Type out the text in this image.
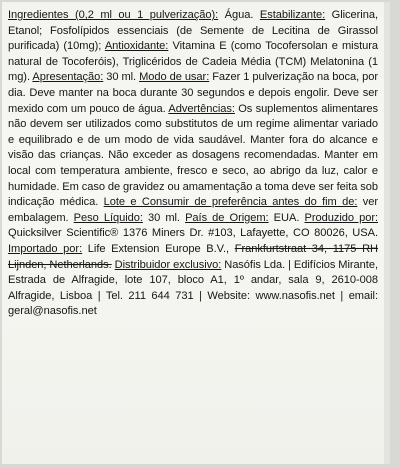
Ingredientes (0,2 ml ou 1 pulverização): Água. Estabilizante: Glicerina, Etanol; Fosfolípidos essenciais (de Semente de Lecitina de Girassol purificada) (10mg); Antioxidante: Vitamina E (como Tocofersolan e mistura natural de Tocoferóis), Triglicéridos de Cadeia Média (TCM) Melatonina (1 mg). Apresentação: 30 ml. Modo de usar: Fazer 1 pulverização na boca, por dia. Deve manter na boca durante 30 segundos e depois engolir. Deve ser mexido com um pouco de água. Advertências: Os suplementos alimentares não devem ser utilizados como substitutos de um regime alimentar variado e equilibrado e de um modo de vida saudável. Manter fora do alcance e visão das crianças. Não exceder as dosagens recomendadas. Manter em local com temperatura ambiente, fresco e seco, ao abrigo da luz, calor e humidade. Em caso de gravidez ou amamentação a toma deve ser feita sob indicação médica. Lote e Consumir de preferência antes do fim de: ver embalagem. Peso Líquido: 30 ml. País de Origem: EUA. Produzido por: Quicksilver Scientific® 1376 Miners Dr. #103, Lafayette, CO 80026, USA. Importado por: Life Extension Europe B.V., Frankfurtstraat 34, 1175 RH Lijnden, Netherlands. Distribuidor exclusivo: Nasófis Lda. | Edifícios Mirante, Estrada de Alfragide, lote 107, bloco A1, 1º andar, sala 9, 2610-008 Alfragide, Lisboa | Tel. 211 644 731 | Website: www.nasofis.net | email: geral@nasofis.net
